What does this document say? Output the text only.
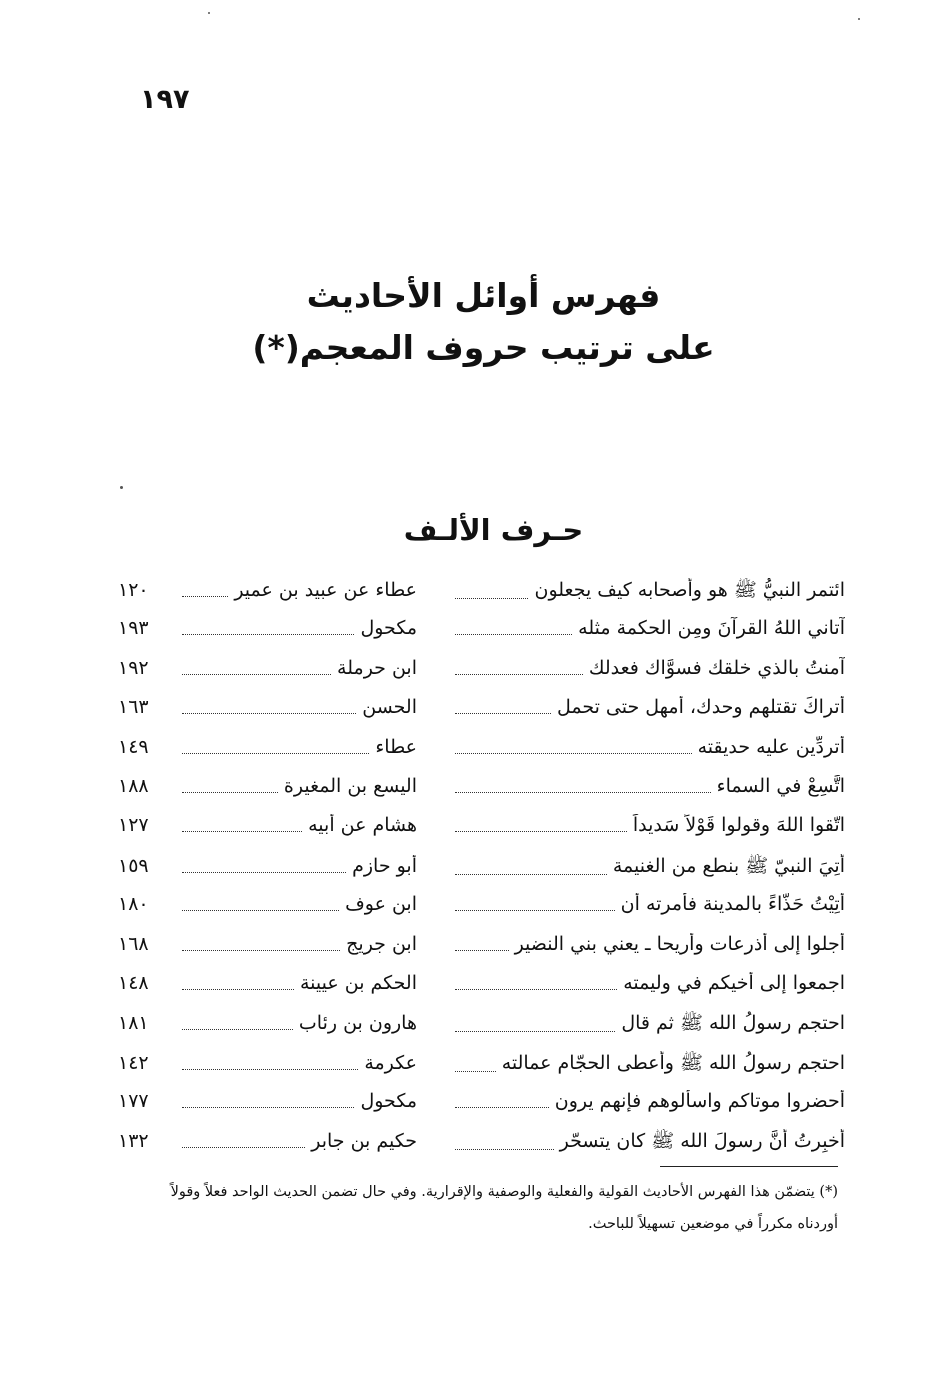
١٩٧
فهرس أوائل الأحاديث
على ترتيب حروف المعجم(*)
حـرف الألـف
ائتمر النبيُّ ﷺ هو وأصحابه كيف يجعلون
عطاء عن عبيد بن عمير
١٢٠
آتاني اللهُ القرآنَ ومِن الحكمة مثله
مكحول
١٩٣
آمنتُ بالذي خلقك فسوَّاك فعدلك
ابن حرملة
١٩٢
أتراكَ تقتلهم وحدك، أمهل حتى تحمل
الحسن
١٦٣
أتردِّين عليه حديقته
عطاء
١٤٩
اتَّسِعْ في السماء
اليسع بن المغيرة
١٨٨
اتّقوا اللهَ وقولوا قَوْلاً سَديداً
هشام عن أبيه
١٢٧
أتِيَ النبيّ ﷺ بنطع من الغنيمة
أبو حازم
١٥٩
أُتِيْتُ حَذَّاءً بالمدينة فأمرته أن
ابن عوف
١٨٠
أَجلوا إلى أذرعات وأريحا ـ يعني بني النضير
ابن جريج
١٦٨
اجمعوا إلى أخيكم في وليمته
الحكم بن عيينة
١٤٨
احتجم رسولُ الله ﷺ ثم قال
هارون بن رئاب
١٨١
احتجم رسولُ الله ﷺ وأعطى الحجّام عمالته
عكرمة
١٤٢
أحضروا موتاكم واسألوهم فإنهم يرون
مكحول
١٧٧
أُخبِرتُ أنَّ رسولَ الله ﷺ كان يتسحّر
حكيم بن جابر
١٣٢
(*) يتضمّن هذا الفهرس الأحاديث القولية والفعلية والوصفية والإقرارية. وفي حال تضمن الحديث الواحد فعلاً وقولاً
أوردناه مكرراً في موضعين تسهيلاً للباحث.
